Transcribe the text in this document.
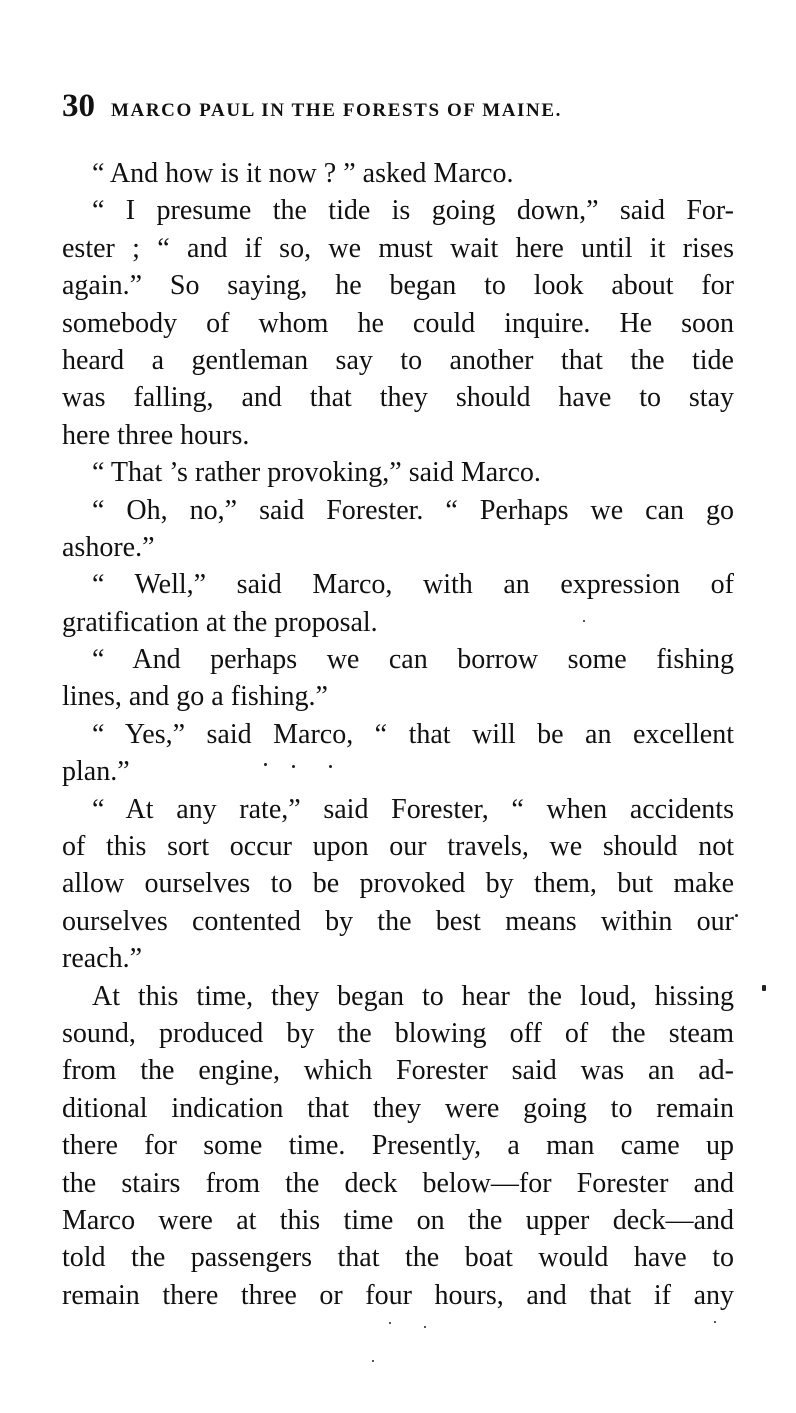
30 MARCO PAUL IN THE FORESTS OF MAINE.
“ And how is it now ? ” asked Marco.
“ I presume the tide is going down,” said For-
ester ; “ and if so, we must wait here until it rises
again.” So saying, he began to look about for
somebody of whom he could inquire. He soon
heard a gentleman say to another that the tide
was falling, and that they should have to stay
here three hours.
“ That ’s rather provoking,” said Marco.
“ Oh, no,” said Forester. “ Perhaps we can go
ashore.”
“ Well,” said Marco, with an expression of
gratification at the proposal.
“ And perhaps we can borrow some fishing
lines, and go a fishing.”
“ Yes,” said Marco, “ that will be an excellent
plan.”
“ At any rate,” said Forester, “ when accidents
of this sort occur upon our travels, we should not
allow ourselves to be provoked by them, but make
ourselves contented by the best means within our
reach.”
At this time, they began to hear the loud, hissing
sound, produced by the blowing off of the steam
from the engine, which Forester said was an ad-
ditional indication that they were going to remain
there for some time. Presently, a man came up
the stairs from the deck below—for Forester and
Marco were at this time on the upper deck—and
told the passengers that the boat would have to
remain there three or four hours, and that if any
